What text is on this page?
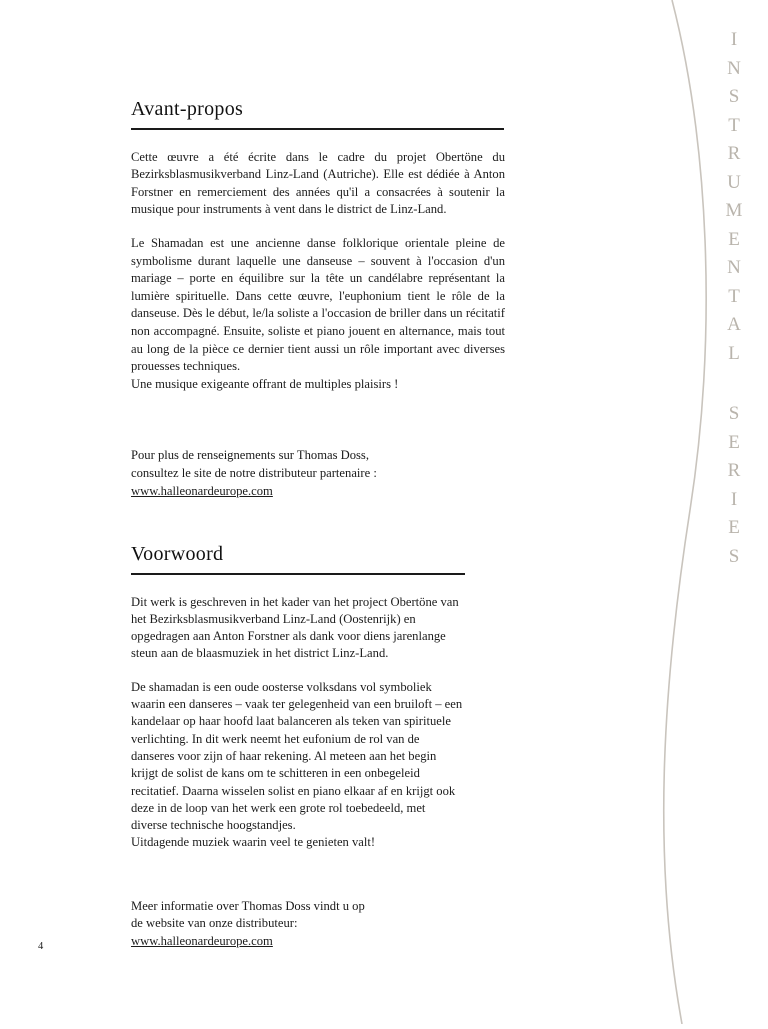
I
N
S
T
R
U
M
E
N
T
A
L
S
E
R
I
E
S
Avant-propos

Cette œuvre a été écrite dans le cadre du projet Obertöne du Bezirksblasmusikverband Linz-Land (Autriche). Elle est dédiée à Anton Forstner en remerciement des années qu'il a consacrées à soutenir la musique pour instruments à vent dans le district de Linz-Land.

Le Shamadan est une ancienne danse folklorique orientale pleine de symbolisme durant laquelle une danseuse – souvent à l'occasion d'un mariage – porte en équilibre sur la tête un candélabre représentant la lumière spirituelle. Dans cette œuvre, l'euphonium tient le rôle de la danseuse. Dès le début, le/la soliste a l'occasion de briller dans un récitatif non accompagné. Ensuite, soliste et piano jouent en alternance, mais tout au long de la pièce ce dernier tient aussi un rôle important avec diverses prouesses techniques.

Une musique exigeante offrant de multiples plaisirs !

Pour plus de renseignements sur Thomas Doss,
consultez le site de notre distributeur partenaire :
www.halleonardeurope.com
Voorwoord

Dit werk is geschreven in het kader van het project Obertöne van het Bezirksblasmusikverband Linz-Land (Oostenrijk) en opgedragen aan Anton Forstner als dank voor diens jarenlange steun aan de blaasmuziek in het district Linz-Land.

De shamadan is een oude oosterse volksdans vol symboliek waarin een danseres – vaak ter gelegenheid van een bruiloft – een kandelaar op haar hoofd laat balanceren als teken van spirituele verlichting. In dit werk neemt het eufonium de rol van de danseres voor zijn of haar rekening. Al meteen aan het begin krijgt de solist de kans om te schitteren in een onbegeleid recitatief. Daarna wisselen solist en piano elkaar af en krijgt ook deze in de loop van het werk een grote rol toebedeeld, met diverse technische hoogstandjes.

Uitdagende muziek waarin veel te genieten valt!

Meer informatie over Thomas Doss vindt u op
de website van onze distributeur:
www.halleonardeurope.com
4
